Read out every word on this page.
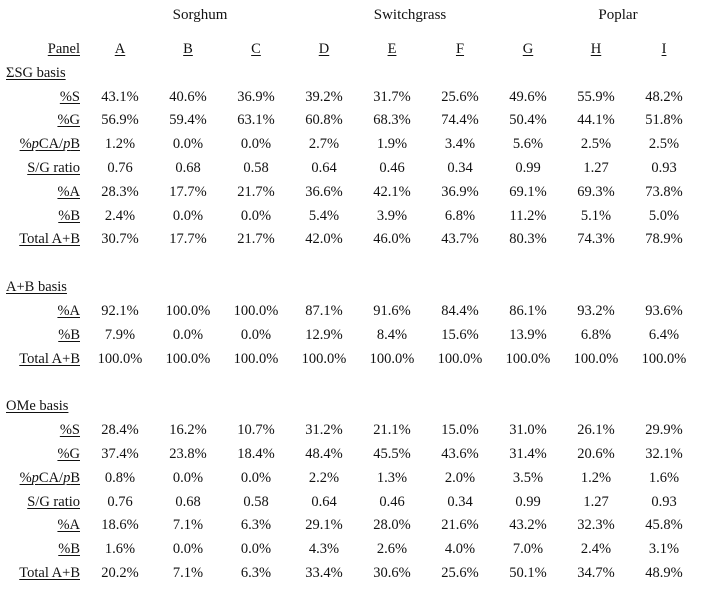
Sorghum	Switchgrass	Poplar
Panel	A	B	C	D	E	F	G	H	I
ΣSG basis									
%S	43.1%	40.6%	36.9%	39.2%	31.7%	25.6%	49.6%	55.9%	48.2%
%G	56.9%	59.4%	63.1%	60.8%	68.3%	74.4%	50.4%	44.1%	51.8%
%pCA/pB	1.2%	0.0%	0.0%	2.7%	1.9%	3.4%	5.6%	2.5%	2.5%
S/G ratio	0.76	0.68	0.58	0.64	0.46	0.34	0.99	1.27	0.93
%A	28.3%	17.7%	21.7%	36.6%	42.1%	36.9%	69.1%	69.3%	73.8%
%B	2.4%	0.0%	0.0%	5.4%	3.9%	6.8%	11.2%	5.1%	5.0%
Total A+B	30.7%	17.7%	21.7%	42.0%	46.0%	43.7%	80.3%	74.3%	78.9%

A+B basis									
%A	92.1%	100.0%	100.0%	87.1%	91.6%	84.4%	86.1%	93.2%	93.6%
%B	7.9%	0.0%	0.0%	12.9%	8.4%	15.6%	13.9%	6.8%	6.4%
Total A+B	100.0%	100.0%	100.0%	100.0%	100.0%	100.0%	100.0%	100.0%	100.0%

OMe basis									
%S	28.4%	16.2%	10.7%	31.2%	21.1%	15.0%	31.0%	26.1%	29.9%
%G	37.4%	23.8%	18.4%	48.4%	45.5%	43.6%	31.4%	20.6%	32.1%
%pCA/pB	0.8%	0.0%	0.0%	2.2%	1.3%	2.0%	3.5%	1.2%	1.6%
S/G ratio	0.76	0.68	0.58	0.64	0.46	0.34	0.99	1.27	0.93
%A	18.6%	7.1%	6.3%	29.1%	28.0%	21.6%	43.2%	32.3%	45.8%
%B	1.6%	0.0%	0.0%	4.3%	2.6%	4.0%	7.0%	2.4%	3.1%
Total A+B	20.2%	7.1%	6.3%	33.4%	30.6%	25.6%	50.1%	34.7%	48.9%
